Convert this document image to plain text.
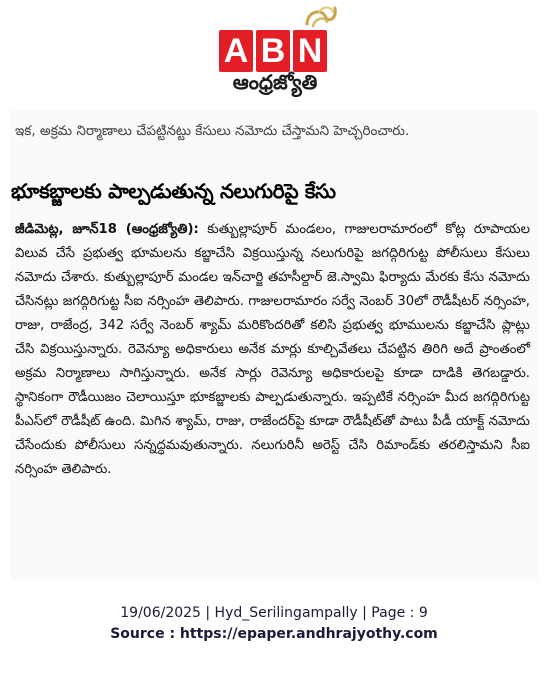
A B N
ఆంధ్రజ్యోతి
ఇక, అక్రమ నిర్మాణాలు చేపట్టినట్టు కేసులు నమోదు చేస్తామని హెచ్చరించారు.
భూకబ్జాలకు పాల్పడుతున్న నలుగురిపై కేసు
జీడిమెట్ల, జూన్‌18 (ఆంధ్రజ్యోతి): కుత్బుల్లాపూర్ మండలం, గాజులరామారంలో కోట్ల రూపాయల విలువ చేసే ప్రభుత్వ భూమలను కబ్జాచేసి విక్రయిస్తున్న నలుగురిపై జగద్గిరిగుట్ట పోలీసులు కేసులు నమోదు చేశారు. కుత్బుల్లాపూర్ మండల ఇన్‌చార్జి తహసీల్దార్ జె.స్వామి ఫిర్యాదు మేరకు కేసు నమోదు చేసినట్లు జగద్గిరిగుట్ట సీఐ నర్సింహ తెలిపారు. గాజులరామారం సర్వే నెంబర్ 30లో రౌడీషీటర్ నర్సింహ, రాజు, రాజేంద్ర, 342 సర్వే నెంబర్ శ్యామ్ మరికొందరితో కలిసి ప్రభుత్వ భూములను కబ్జాచేసి ప్లాట్లు చేసి విక్రయిస్తున్నారు. రెవెన్యూ అధికారులు అనేక మార్లు కూల్చివేతలు చేపట్టిన తిరిగి అదే ప్రాంతంలో అక్రమ నిర్మాణాలు సాగిస్తున్నారు. అనేక సార్లు రెవెన్యూ అధికారులపై కూడా దాడికి తెగబడ్డారు. స్థానికంగా రౌడీయిజం చెలాయిస్తూ భూకబ్జాలకు పాల్పడుతున్నారు. ఇప్పటికే నర్సింహ మీద జగద్గిరిగుట్ట పీఎస్‌లో రౌడీషీట్ ఉంది. మిగిన శ్యామ్, రాజు, రాజేందర్‌పై కూడా రౌడీషీట్‌తో పాటు పీడీ యాక్ట్ నమోదు చేసేందుకు పోలీసులు సన్నద్ధమవుతున్నారు. నలుగురినీ అరెస్ట్ చేసి రిమాండ్‌కు తరలిస్తామని సీఐ నర్సింహ తెలిపారు.
19/06/2025 | Hyd_Serilingampally | Page : 9
Source : https://epaper.andhrajyothy.com
